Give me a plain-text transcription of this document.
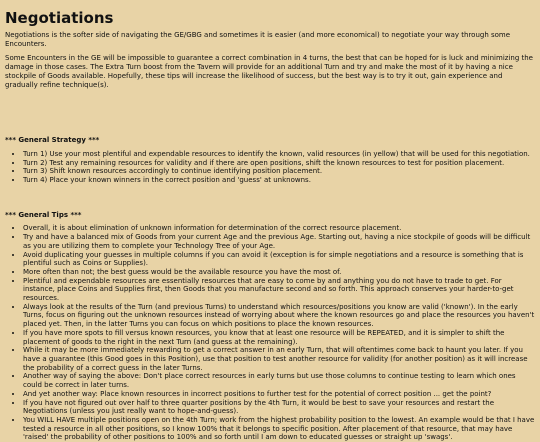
Negotiations

Negotiations is the softer side of navigating the GE/GBG and sometimes it is easier (and more economical) to negotiate your way through some Encounters.

Some Encounters in the GE will be impossible to guarantee a correct combination in 4 turns, the best that can be hoped for is luck and minimizing the damage in those cases. The Extra Turn boost from the Tavern will provide for an additional Turn and try and make the most of it by having a nice stockpile of Goods available. Hopefully, these tips will increase the likelihood of success, but the best way is to try it out, gain experience and gradually refine technique(s).

*** General Strategy ***
• Turn 1) Use your most plentiful and expendable resources to identify the known, valid resources (in yellow) that will be used for this negotiation.
• Turn 2) Test any remaining resources for validity and if there are open positions, shift the known resources to test for position placement.
• Turn 3) Shift known resources accordingly to continue identifying position placement.
• Turn 4) Place your known winners in the correct position and 'guess' at unknowns.
*** General Tips ***
• Overall, it is about elimination of unknown information for determination of the correct resource placement.
• Try and have a balanced mix of Goods from your current Age and the previous Age. Starting out, having a nice stockpile of goods will be difficult as you are utilizing them to complete your Technology Tree of your Age.
• Avoid duplicating your guesses in multiple columns if you can avoid it (exception is for simple negotiations and a resource is something that is plentiful such as Coins or Supplies).
• More often than not; the best guess would be the available resource you have the most of.
• Plentiful and expendable resources are essentially resources that are easy to come by and anything you do not have to trade to get. For instance, place Coins and Supplies first, then Goods that you manufacture second and so forth. This approach conserves your harder-to-get resources.
• Always look at the results of the Turn (and previous Turns) to understand which resources/positions you know are valid ('known'). In the early Turns, focus on figuring out the unknown resources instead of worrying about where the known resources go and place the resources you haven't placed yet. Then, in the latter Turns you can focus on which positions to place the known resources.
• If you have more spots to fill versus known resources, you know that at least one resource will be REPEATED, and it is simpler to shift the placement of goods to the right in the next Turn (and guess at the remaining).
• While it may be more immediately rewarding to get a correct answer in an early Turn, that will oftentimes come back to haunt you later. If you have a guarantee (this Good goes in this Position), use that position to test another resource for validity (for another position) as it will increase the probability of a correct guess in the later Turns.
• Another way of saying the above: Don't place correct resources in early turns but use those columns to continue testing to learn which ones could be correct in later turns.
• And yet another way: Place known resources in incorrect positions to further test for the potential of correct position ... get the point?
• If you have not figured out over half to three quarter positions by the 4th Turn, it would be best to save your resources and restart the Negotiations (unless you just really want to hope-and-guess).
• You WILL HAVE multiple positions open on the 4th Turn; work from the highest probability position to the lowest. An example would be that I have tested a resource in all other positions, so I know 100% that it belongs to specific position. After placement of that resource, that may have 'raised' the probability of other positions to 100% and so forth until I am down to educated guesses or straight up 'swags'.
